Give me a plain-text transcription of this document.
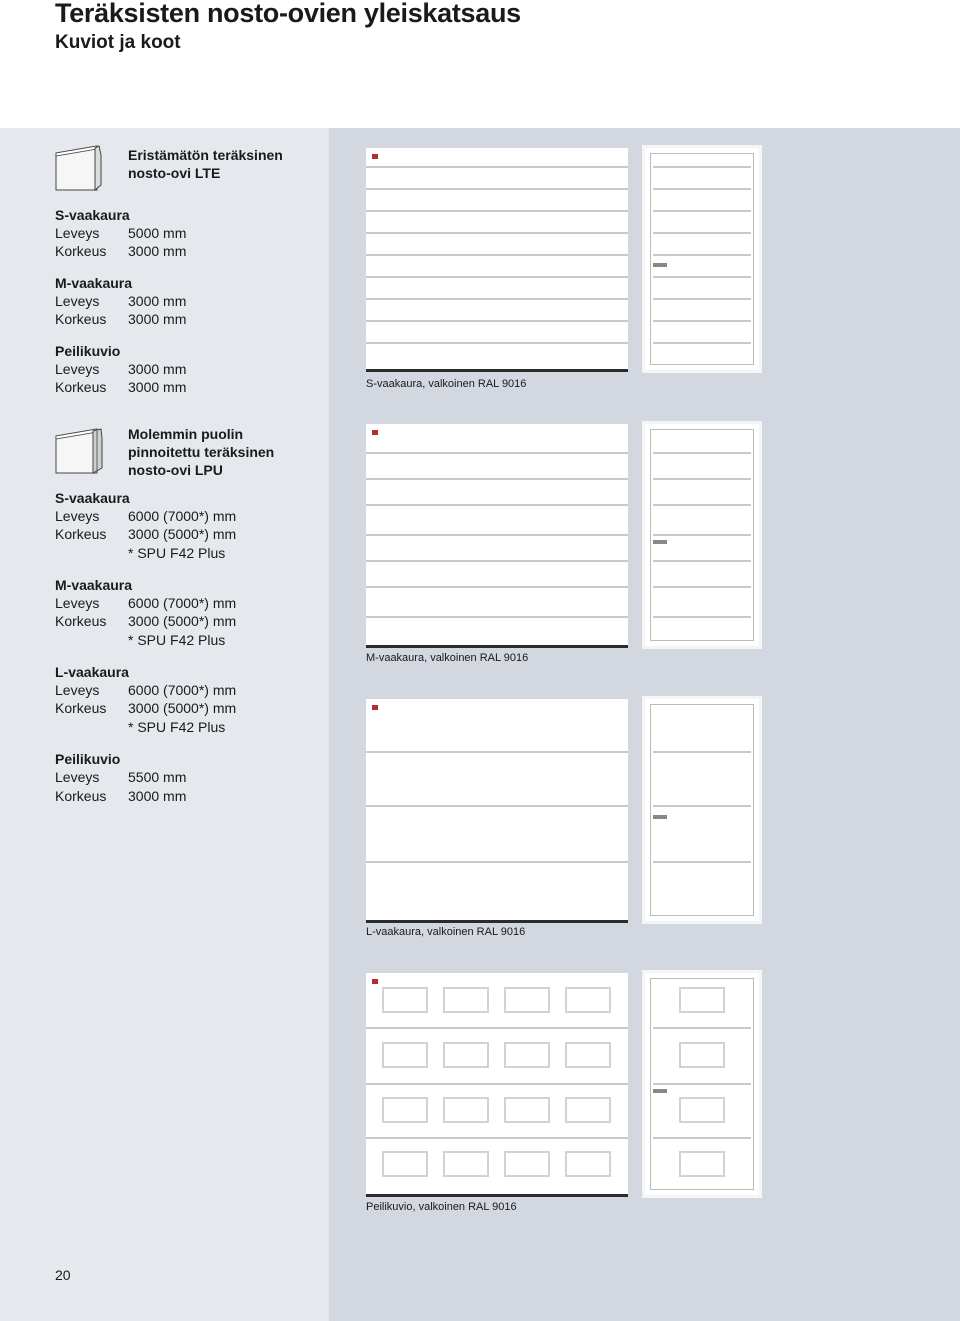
Teräksisten nosto-ovien yleiskatsaus
Kuviot ja koot
Eristämätön teräksinen
nosto-ovi LTE
S-vaakaura
Leveys 5000 mm
Korkeus 3000 mm
M-vaakaura
Leveys 3000 mm
Korkeus 3000 mm
Peilikuvio
Leveys 3000 mm
Korkeus 3000 mm
Molemmin puolin
pinnoitettu teräksinen
nosto-ovi LPU
S-vaakaura
Leveys 6000 (7000*) mm
Korkeus 3000 (5000*) mm
* SPU F42 Plus
M-vaakaura
Leveys 6000 (7000*) mm
Korkeus 3000 (5000*) mm
* SPU F42 Plus
L-vaakaura
Leveys 6000 (7000*) mm
Korkeus 3000 (5000*) mm
* SPU F42 Plus
Peilikuvio
Leveys 5500 mm
Korkeus 3000 mm
S-vaakaura, valkoinen RAL 9016
M-vaakaura, valkoinen RAL 9016
L-vaakaura, valkoinen RAL 9016
Peilikuvio, valkoinen RAL 9016
20
